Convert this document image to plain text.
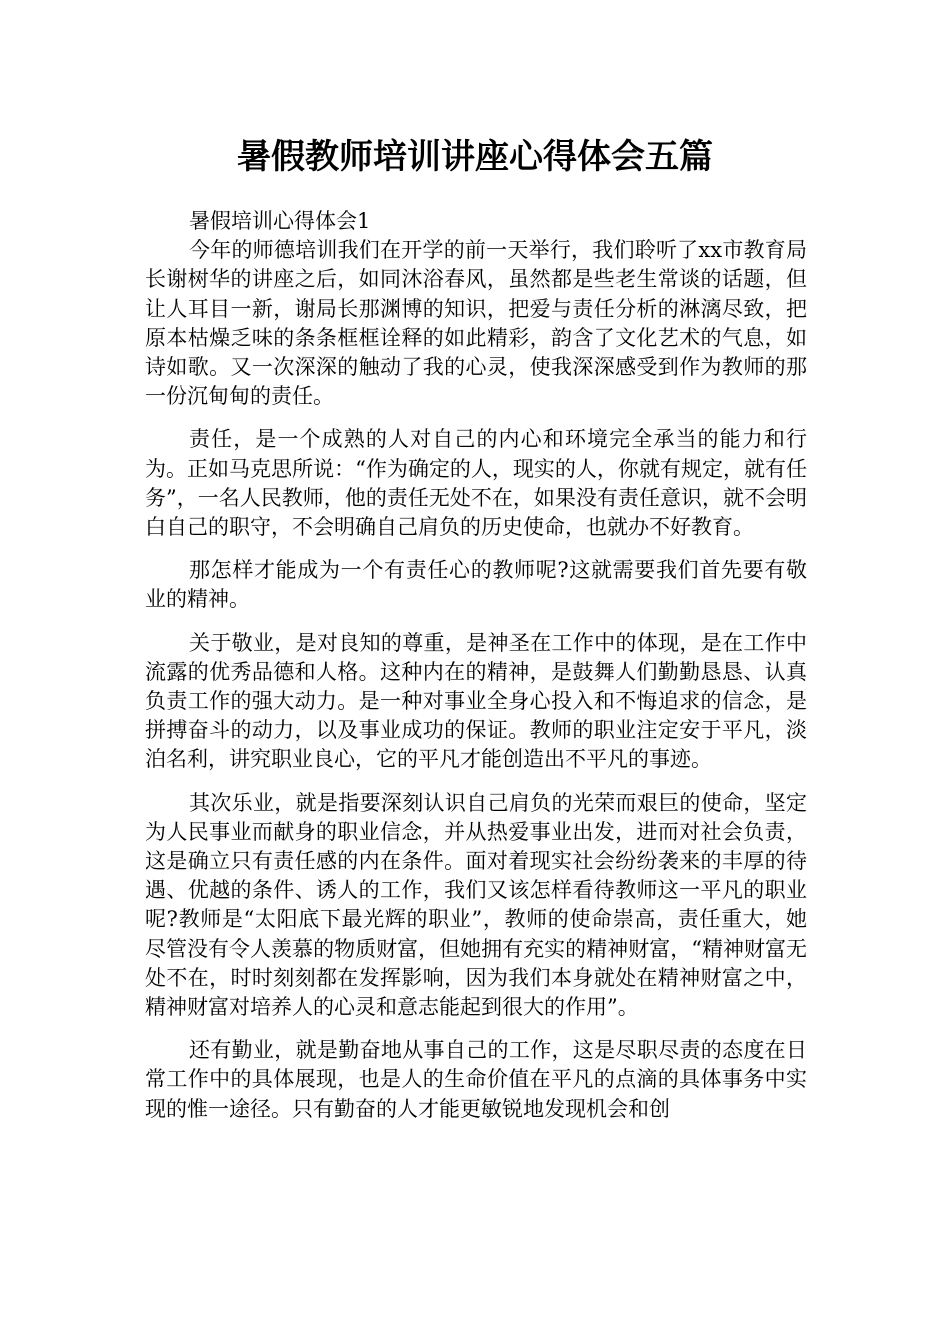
暑假教师培训讲座心得体会五篇

暑假培训心得体会1

今年的师德培训我们在开学的前一天举行，我们聆听了xx市教育局长谢树华的讲座之后，如同沐浴春风，虽然都是些老生常谈的话题，但让人耳目一新，谢局长那渊博的知识，把爱与责任分析的淋漓尽致，把原本枯燥乏味的条条框框诠释的如此精彩，韵含了文化艺术的气息，如诗如歌。又一次深深的触动了我的心灵，使我深深感受到作为教师的那一份沉甸甸的责任。

责任，是一个成熟的人对自己的内心和环境完全承当的能力和行为。正如马克思所说：“作为确定的人，现实的人，你就有规定，就有任务”，一名人民教师，他的责任无处不在，如果没有责任意识，就不会明白自己的职守，不会明确自己肩负的历史使命，也就办不好教育。

那怎样才能成为一个有责任心的教师呢?这就需要我们首先要有敬业的精神。

关于敬业，是对良知的尊重，是神圣在工作中的体现，是在工作中流露的优秀品德和人格。这种内在的精神，是鼓舞人们勤勤恳恳、认真负责工作的强大动力。是一种对事业全身心投入和不悔追求的信念，是拼搏奋斗的动力，以及事业成功的保证。教师的职业注定安于平凡，淡泊名利，讲究职业良心，它的平凡才能创造出不平凡的事迹。

其次乐业，就是指要深刻认识自己肩负的光荣而艰巨的使命，坚定为人民事业而献身的职业信念，并从热爱事业出发，进而对社会负责，这是确立只有责任感的内在条件。面对着现实社会纷纷袭来的丰厚的待遇、优越的条件、诱人的工作，我们又该怎样看待教师这一平凡的职业呢?教师是“太阳底下最光辉的职业”，教师的使命崇高，责任重大，她尽管没有令人羡慕的物质财富，但她拥有充实的精神财富，“精神财富无处不在，时时刻刻都在发挥影响，因为我们本身就处在精神财富之中，精神财富对培养人的心灵和意志能起到很大的作用”。

还有勤业，就是勤奋地从事自己的工作，这是尽职尽责的态度在日常工作中的具体展现，也是人的生命价值在平凡的点滴的具体事务中实现的惟一途径。只有勤奋的人才能更敏锐地发现机会和创
